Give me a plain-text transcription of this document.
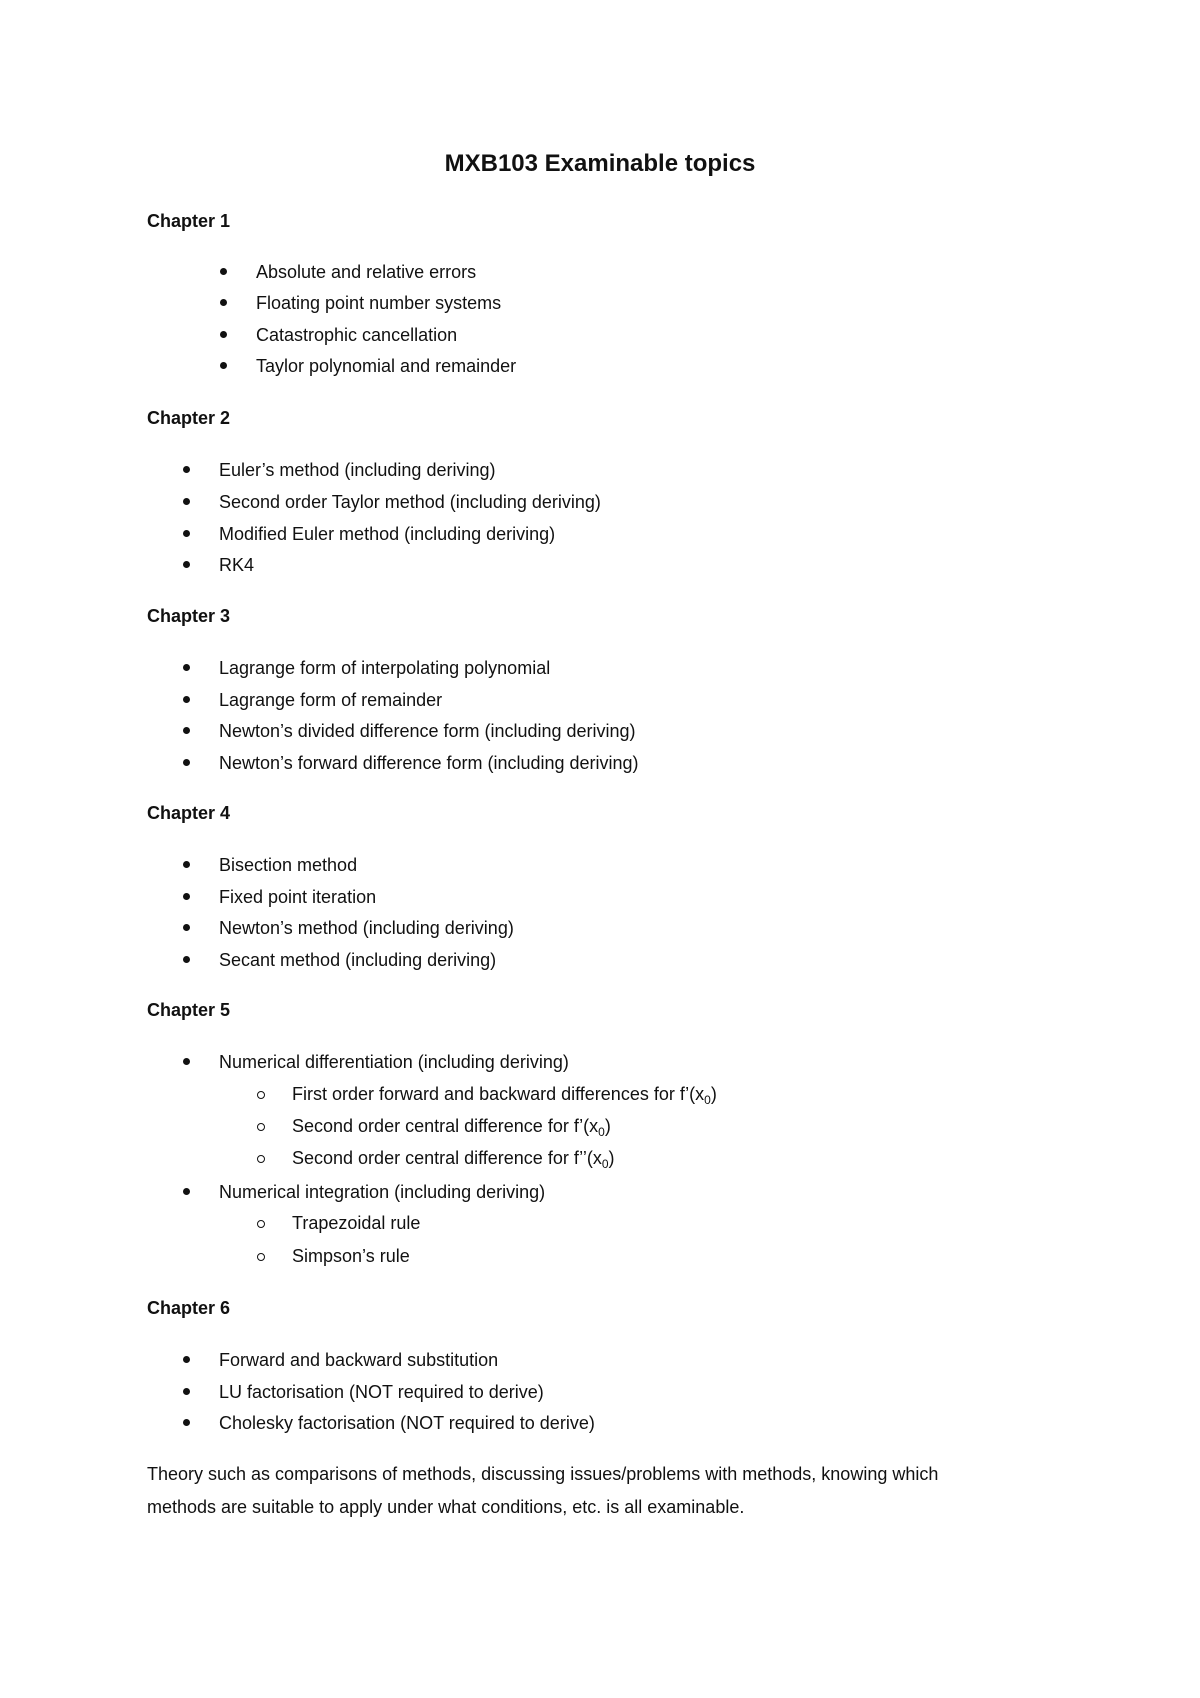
MXB103 Examinable topics
Chapter 1
Absolute and relative errors
Floating point number systems
Catastrophic cancellation
Taylor polynomial and remainder
Chapter 2
Euler’s method (including deriving)
Second order Taylor method (including deriving)
Modified Euler method (including deriving)
RK4
Chapter 3
Lagrange form of interpolating polynomial
Lagrange form of remainder
Newton’s divided difference form (including deriving)
Newton’s forward difference form (including deriving)
Chapter 4
Bisection method
Fixed point iteration
Newton’s method (including deriving)
Secant method (including deriving)
Chapter 5
Numerical differentiation (including deriving)
First order forward and backward differences for $f’(x_0)$
Second order central difference for $f’(x_0)$
Second order central difference for $f’’(x_0)$
Numerical integration (including deriving)
Trapezoidal rule
Simpson’s rule
Chapter 6
Forward and backward substitution
LU factorisation (NOT required to derive)
Cholesky factorisation (NOT required to derive)
Theory such as comparisons of methods, discussing issues/problems with methods, knowing which
methods are suitable to apply under what conditions, etc. is all examinable.
